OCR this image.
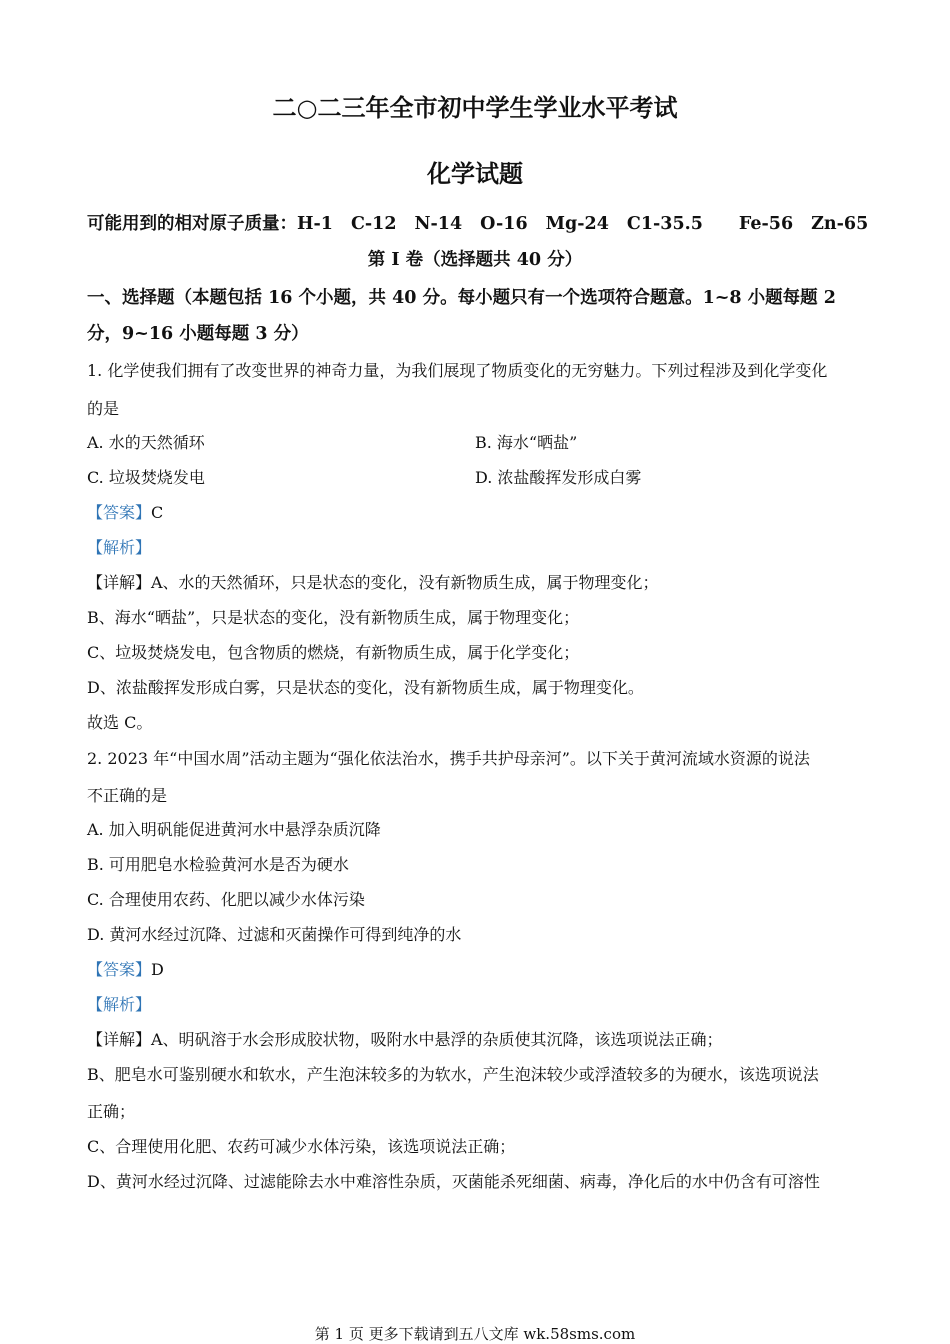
二○二三年全市初中学生学业水平考试
化学试题
可能用到的相对原子质量：H-1 C-12 N-14 O-16 Mg-24 C1-35.5 Fe-56 Zn-65
第 I 卷（选择题共 40 分）
一、选择题（本题包括 16 个小题，共 40 分。每小题只有一个选项符合题意。1~8 小题每题 2
分，9~16 小题每题 3 分）
1. 化学使我们拥有了改变世界的神奇力量，为我们展现了物质变化的无穷魅力。下列过程涉及到化学变化
的是
A. 水的天然循环	B. 海水“晒盐”
C. 垃圾焚烧发电	D. 浓盐酸挥发形成白雾
【答案】C
【解析】
【详解】A、水的天然循环，只是状态的变化，没有新物质生成，属于物理变化；
B、海水“晒盐”，只是状态的变化，没有新物质生成，属于物理变化；
C、垃圾焚烧发电，包含物质的燃烧，有新物质生成，属于化学变化；
D、浓盐酸挥发形成白雾，只是状态的变化，没有新物质生成，属于物理变化。
故选 C。
2. 2023 年“中国水周”活动主题为“强化依法治水，携手共护母亲河”。以下关于黄河流域水资源的说法
不正确的是
A. 加入明矾能促进黄河水中悬浮杂质沉降
B. 可用肥皂水检验黄河水是否为硬水
C. 合理使用农药、化肥以减少水体污染
D. 黄河水经过沉降、过滤和灭菌操作可得到纯净的水
【答案】D
【解析】
【详解】A、明矾溶于水会形成胶状物，吸附水中悬浮的杂质使其沉降，该选项说法正确；
B、肥皂水可鉴别硬水和软水，产生泡沫较多的为软水，产生泡沫较少或浮渣较多的为硬水，该选项说法
正确；
C、合理使用化肥、农药可减少水体污染，该选项说法正确；
D、黄河水经过沉降、过滤能除去水中难溶性杂质，灭菌能杀死细菌、病毒，净化后的水中仍含有可溶性
第 1 页 更多下载请到五八文库 wk.58sms.com
